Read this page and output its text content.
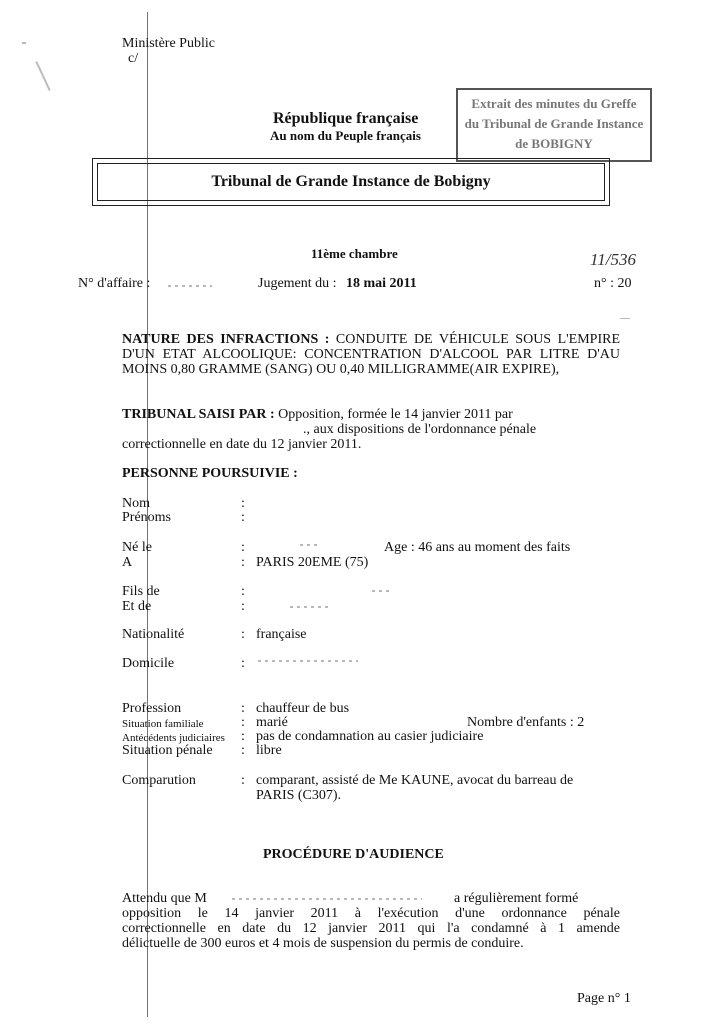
Ministère Public
c/
République française
Au nom du Peuple français
Extrait des minutes du Greffe
du Tribunal de Grande Instance
de BOBIGNY
Tribunal de Grande Instance de Bobigny
11ème chambre	11/536
N° d'affaire :	Jugement du : 18 mai 2011	n° : 20
NATURE DES INFRACTIONS : CONDUITE DE VÉHICULE SOUS L'EMPIRE D'UN ETAT ALCOOLIQUE: CONCENTRATION D'ALCOOL PAR LITRE D'AU MOINS 0,80 GRAMME (SANG) OU 0,40 MILLIGRAMME(AIR EXPIRE),
TRIBUNAL SAISI PAR : Opposition, formée le 14 janvier 2011 par
., aux dispositions de l'ordonnance pénale
correctionnelle en date du 12 janvier 2011.
PERSONNE POURSUIVIE :
Nom	:
Prénoms	:
Né le	:	Age : 46 ans au moment des faits
A	: PARIS 20EME (75)
Fils de	:
Et de	:
Nationalité	: française
Domicile	:
Profession	: chauffeur de bus
Situation familiale	: marié	Nombre d'enfants : 2
Antécédents judiciaires : pas de condamnation au casier judiciaire
Situation pénale : libre
Comparution	: comparant, assisté de Me KAUNE, avocat du barreau de
PARIS (C307).
PROCÉDURE D'AUDIENCE
Attendu que M	a régulièrement formé
opposition le 14 janvier 2011 à l'exécution d'une ordonnance pénale
correctionnelle en date du 12 janvier 2011 qui l'a condamné à 1 amende
délictuelle de 300 euros et 4 mois de suspension du permis de conduire.
Page n° 1
